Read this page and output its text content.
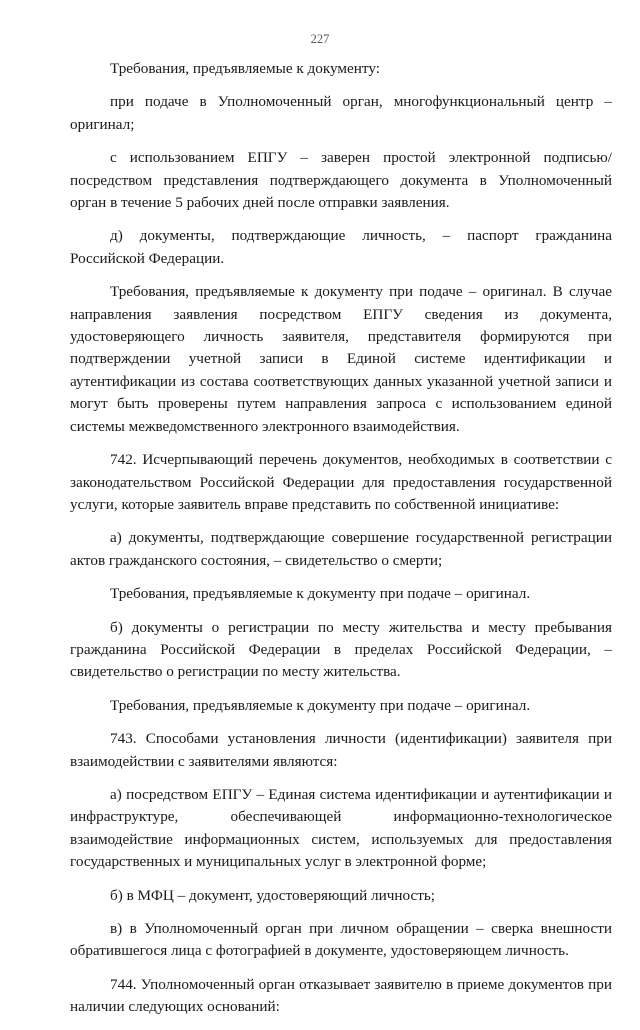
227

Требования, предъявляемые к документу:

при подаче в Уполномоченный орган, многофункциональный центр – оригинал;

с использованием ЕПГУ – заверен простой электронной подписью/ посредством представления подтверждающего документа в Уполномоченный орган в течение 5 рабочих дней после отправки заявления.

д) документы, подтверждающие личность, – паспорт гражданина Российской Федерации.

Требования, предъявляемые к документу при подаче – оригинал. В случае направления заявления посредством ЕПГУ сведения из документа, удостоверяющего личность заявителя, представителя формируются при подтверждении учетной записи в Единой системе идентификации и аутентификации из состава соответствующих данных указанной учетной записи и могут быть проверены путем направления запроса с использованием единой системы межведомственного электронного взаимодействия.

742. Исчерпывающий перечень документов, необходимых в соответствии с законодательством Российской Федерации для предоставления государственной услуги, которые заявитель вправе представить по собственной инициативе:

а) документы, подтверждающие совершение государственной регистрации актов гражданского состояния, – свидетельство о смерти;

Требования, предъявляемые к документу при подаче – оригинал.

б) документы о регистрации по месту жительства и месту пребывания гражданина Российской Федерации в пределах Российской Федерации, – свидетельство о регистрации по месту жительства.

Требования, предъявляемые к документу при подаче – оригинал.

743. Способами установления личности (идентификации) заявителя при взаимодействии с заявителями являются:

а) посредством ЕПГУ – Единая система идентификации и аутентификации и инфраструктуре, обеспечивающей информационно-технологическое взаимодействие информационных систем, используемых для предоставления государственных и муниципальных услуг в электронной форме;

б) в МФЦ – документ, удостоверяющий личность;

в) в Уполномоченный орган при личном обращении – сверка внешности обратившегося лица с фотографией в документе, удостоверяющем личность.

744. Уполномоченный орган отказывает заявителю в приеме документов при наличии следующих оснований:
